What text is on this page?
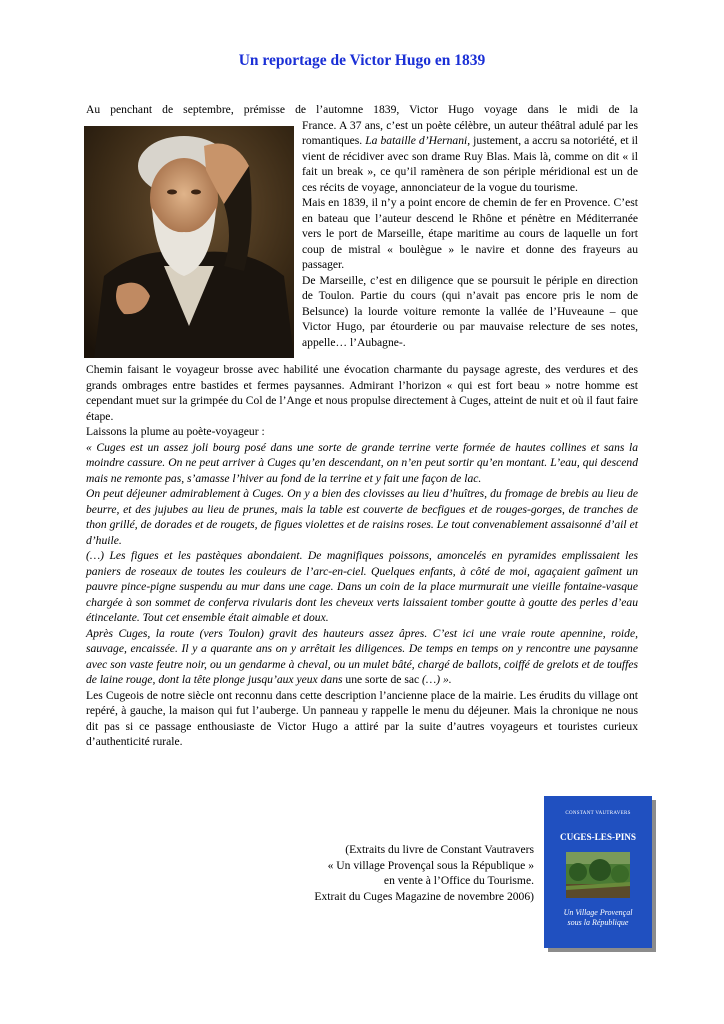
Un reportage de Victor Hugo en 1839
Au penchant de septembre, prémisse de l’automne 1839, Victor Hugo voyage dans le midi de la

France. A 37 ans, c’est un poète célèbre, un auteur théâtral adulé par les romantiques. La bataille d’Hernani, justement, a accru sa notoriété, et il vient de récidiver avec son drame Ruy Blas. Mais là, comme on dit « il fait un break », ce qu’il ramènera de son périple méridional est un de ces récits de voyage, annonciateur de la vogue du tourisme.

Mais en 1839, il n’y a point encore de chemin de fer en Provence. C’est en bateau que l’auteur descend le Rhône et pénètre en Méditerranée vers le port de Marseille, étape maritime au cours de laquelle un fort coup de mistral « boulègue » le navire et donne des frayeurs au passager.

De Marseille, c’est en diligence que se poursuit le périple en direction de Toulon. Partie du cours (qui n’avait pas encore pris le nom de Belsunce) la lourde voiture remonte la vallée de l’Huveaune – que Victor Hugo, par étourderie ou par mauvaise relecture de ses notes, appelle… l’Aubagne-.

Chemin faisant le voyageur brosse avec habilité une évocation charmante du paysage agreste, des verdures et des grands ombrages entre bastides et fermes paysannes. Admirant l’horizon « qui est fort beau » notre homme est cependant muet sur la grimpée du Col de l’Ange et nous propulse directement à Cuges, atteint de nuit et où il faut faire étape.

Laissons la plume au poète-voyageur :

« Cuges est un assez joli bourg posé dans une sorte de grande terrine verte formée de hautes collines et sans la moindre cassure. On ne peut arriver à Cuges qu’en descendant, on n’en peut sortir qu’en montant. L’eau, qui descend mais ne remonte pas, s’amasse l’hiver au fond de la terrine et y fait une façon de lac.

On peut déjeuner admirablement à Cuges. On y a bien des clovisses au lieu d’huîtres, du fromage de brebis au lieu de beurre, et des jujubes au lieu de prunes, mais la table est couverte de becfigues et de rouges-gorges, de tranches de thon grillé, de dorades et de rougets, de figues violettes et de raisins roses. Le tout convenablement assaisonné d’ail et d’huile.

(…) Les figues et les pastèques abondaient. De magnifiques poissons, amoncelés en pyramides emplissaient les paniers de roseaux de toutes les couleurs de l’arc-en-ciel. Quelques enfants, à côté de moi, agaçaient gaîment un pauvre pince-pigne suspendu au mur dans une cage. Dans un coin de la place murmurait une vieille fontaine-vasque chargée à son sommet de conferva rivularis dont les cheveux verts laissaient tomber goutte à goutte des perles d’eau étincelante. Tout cet ensemble était aimable et doux.

Après Cuges, la route (vers Toulon) gravit des hauteurs assez âpres. C’est ici une vraie route apennine, roide, sauvage, encaissée. Il y a quarante ans on y arrêtait les diligences. De temps en temps on y rencontre une paysanne avec son vaste feutre noir, ou un gendarme à cheval, ou un mulet bâté, chargé de ballots, coiffé de grelots et de touffes de laine rouge, dont la tête plonge jusqu’aux yeux dans une sorte de sac (…) ».

Les Cugeois de notre siècle ont reconnu dans cette description l’ancienne place de la mairie. Les érudits du village ont repéré, à gauche, la maison qui fut l’auberge. Un panneau y rappelle le menu du déjeuner. Mais la chronique ne nous dit pas si ce passage enthousiaste de Victor Hugo a attiré par la suite d’autres voyageurs et touristes curieux d’authenticité rurale.

(Extraits du livre de Constant Vautravers
« Un village Provençal sous la République »
en vente à l’Office du Tourisme.
Extrait du Cuges Magazine de novembre 2006)
CONSTANT VAUTRAVERS
CUGES-LES-PINS
Un Village Provençal
sous la République
